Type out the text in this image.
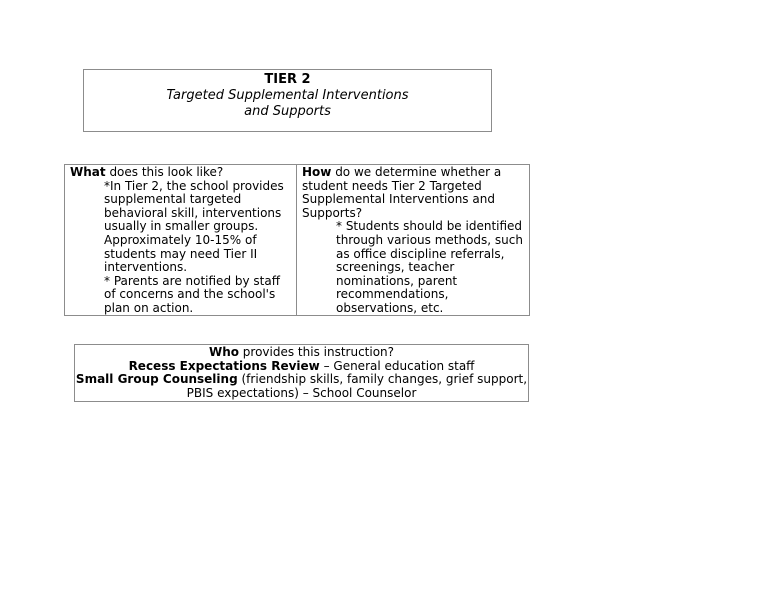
TIER 2
Targeted Supplemental Interventions
and Supports
What does this look like?
*In Tier 2, the school provides supplemental targeted behavioral skill, interventions usually in smaller groups. Approximately 10-15% of students may need Tier II interventions.
* Parents are notified by staff of concerns and the school's plan on action.
How do we determine whether a student needs Tier 2 Targeted Supplemental Interventions and Supports?
* Students should be identified through various methods, such as office discipline referrals, screenings, teacher nominations, parent recommendations, observations, etc.
Who provides this instruction?
Recess Expectations Review – General education staff
Small Group Counseling (friendship skills, family changes, grief support, PBIS expectations) – School Counselor
